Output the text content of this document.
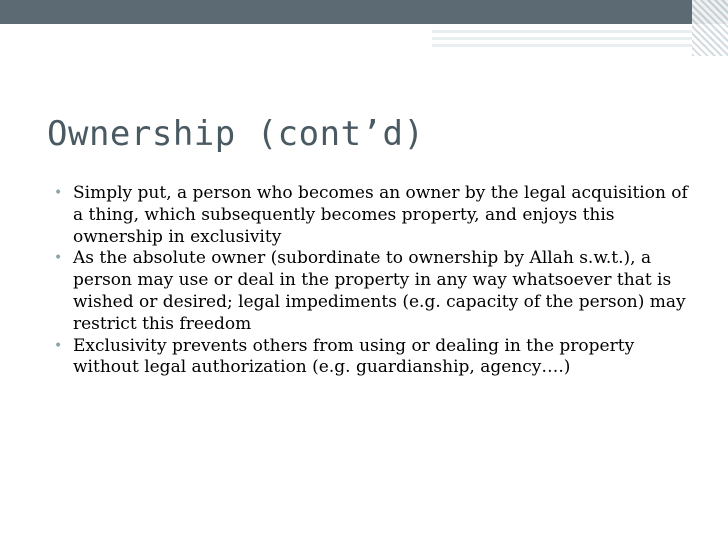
Ownership (cont’d)
• Simply put, a person who becomes an owner by the legal acquisition of a thing, which subsequently becomes property, and enjoys this ownership in exclusivity
• As the absolute owner (subordinate to ownership by Allah s.w.t.), a person may use or deal in the property in any way whatsoever that is wished or desired; legal impediments (e.g. capacity of the person) may restrict this freedom
• Exclusivity prevents others from using or dealing in the property without legal authorization (e.g. guardianship, agency….)
